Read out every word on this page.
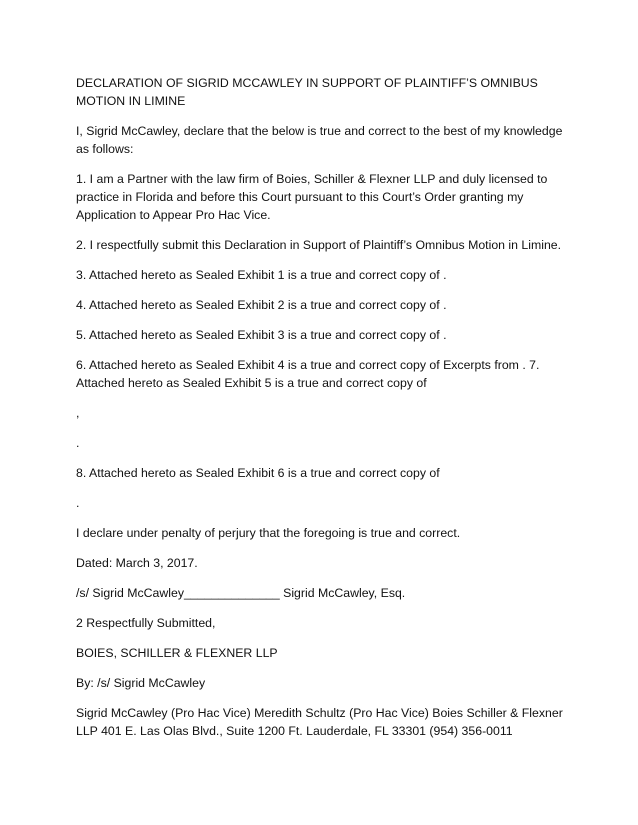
DECLARATION OF SIGRID MCCAWLEY IN SUPPORT OF PLAINTIFF’S OMNIBUS MOTION IN LIMINE

I, Sigrid McCawley, declare that the below is true and correct to the best of my knowledge as follows:

1. I am a Partner with the law firm of Boies, Schiller & Flexner LLP and duly licensed to practice in Florida and before this Court pursuant to this Court’s Order granting my Application to Appear Pro Hac Vice.

2. I respectfully submit this Declaration in Support of Plaintiff’s Omnibus Motion in Limine.

3. Attached hereto as Sealed Exhibit 1 is a true and correct copy of .

4. Attached hereto as Sealed Exhibit 2 is a true and correct copy of .

5. Attached hereto as Sealed Exhibit 3 is a true and correct copy of .

6. Attached hereto as Sealed Exhibit 4 is a true and correct copy of Excerpts from . 7. Attached hereto as Sealed Exhibit 5 is a true and correct copy of

,

.

8. Attached hereto as Sealed Exhibit 6 is a true and correct copy of

.

I declare under penalty of perjury that the foregoing is true and correct.

Dated: March 3, 2017.

/s/ Sigrid McCawley______________ Sigrid McCawley, Esq.

2 Respectfully Submitted,

BOIES, SCHILLER & FLEXNER LLP

By: /s/ Sigrid McCawley

Sigrid McCawley (Pro Hac Vice) Meredith Schultz (Pro Hac Vice) Boies Schiller & Flexner LLP 401 E. Las Olas Blvd., Suite 1200 Ft. Lauderdale, FL 33301 (954) 356-0011
